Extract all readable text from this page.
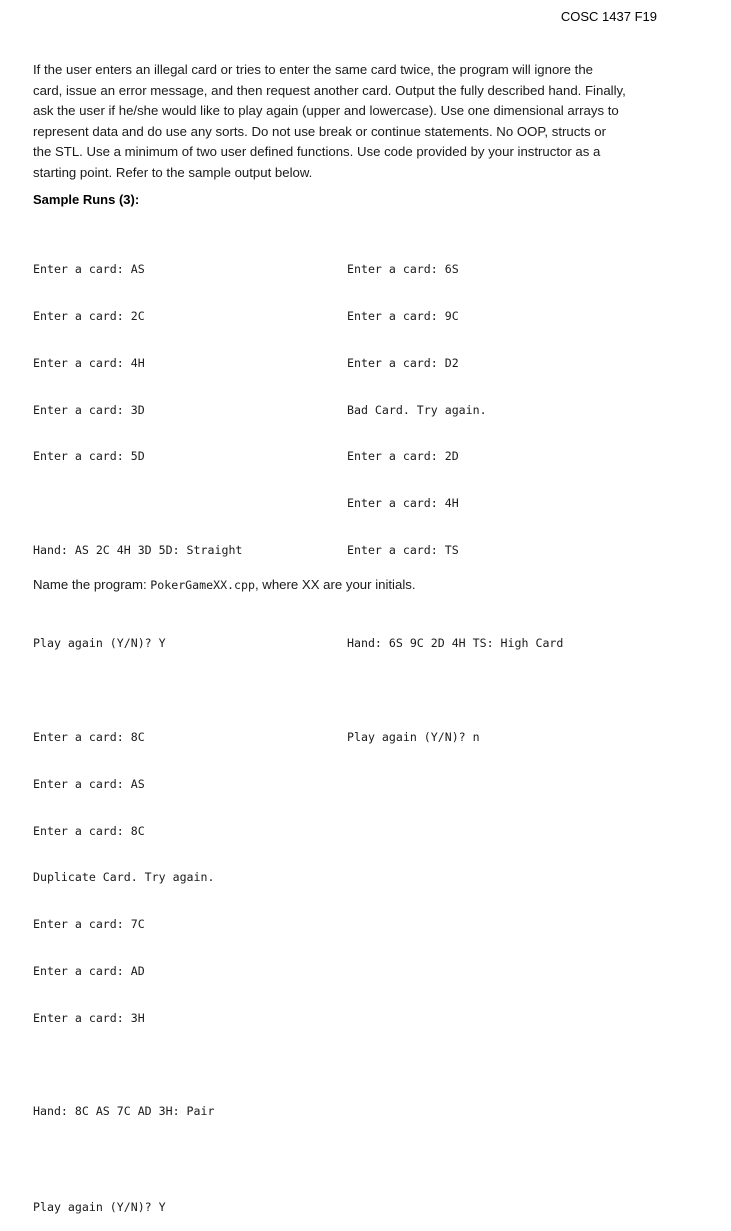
COSC 1437 F19

If the user enters an illegal card or tries to enter the same card twice, the program will ignore the

card, issue an error message, and then request another card. Output the fully described hand. Finally,

ask the user if he/she would like to play again (upper and lowercase). Use one dimensional arrays to

represent data and do use any sorts. Do not use break or continue statements. No OOP, structs or

the STL. Use a minimum of two user defined functions. Use code provided by your instructor as a

starting point. Refer to the sample output below.

Sample Runs (3):

Enter a card: AS

Enter a card: 2C

Enter a card: 4H

Enter a card: 3D

Enter a card: 5D

Hand: AS 2C 4H 3D 5D: Straight

Play again (Y/N)? Y

Enter a card: 8C

Enter a card: AS

Enter a card: 8C

Duplicate Card. Try again.

Enter a card: 7C

Enter a card: AD

Enter a card: 3H

Hand: 8C AS 7C AD 3H: Pair

Play again (Y/N)? Y

Enter a card: 6S

Enter a card: 9C

Enter a card: D2

Bad Card. Try again.

Enter a card: 2D

Enter a card: 4H

Enter a card: TS

Hand: 6S 9C 2D 4H TS: High Card

Play again (Y/N)? n

Name the program: PokerGameXX.cpp, where XX are your initials.
